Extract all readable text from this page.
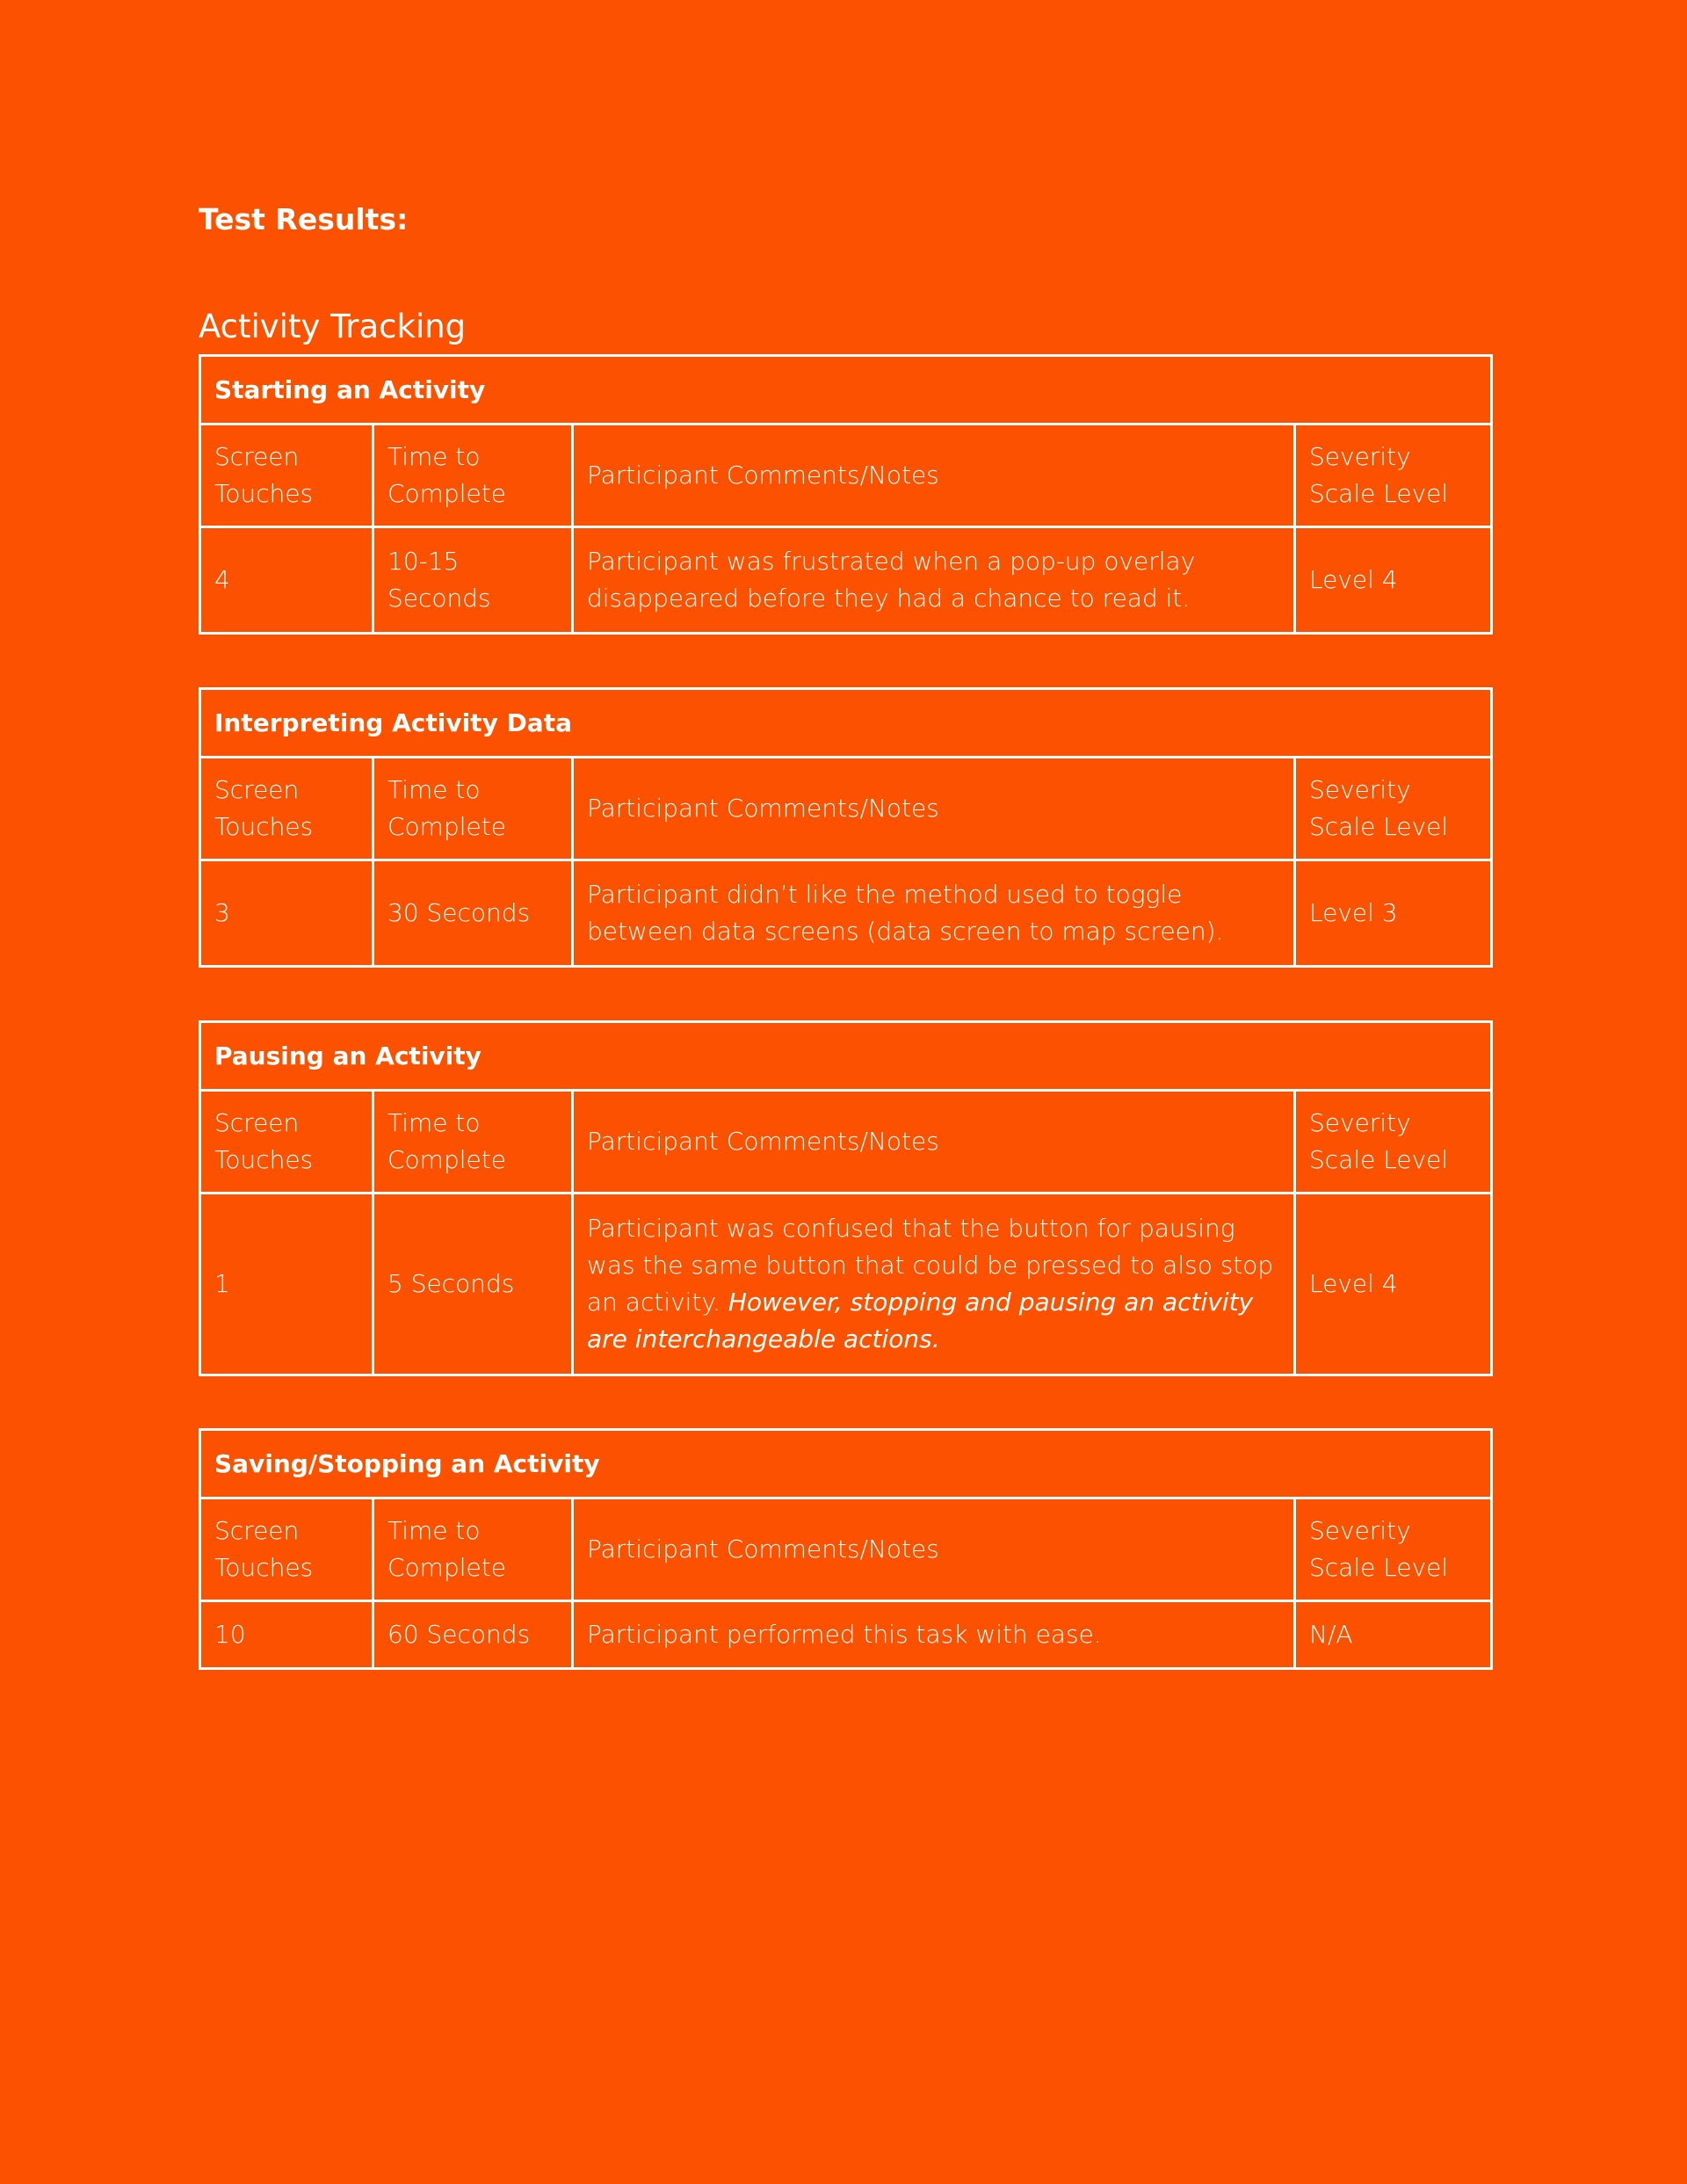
Test Results:
Activity Tracking
Starting an Activity			
Screen Touches	Time to Complete	Participant Comments/Notes	Severity Scale Level
4	10-15 Seconds	Participant was frustrated when a pop-up overlay disappeared before they had a chance to read it.	Level 4
Interpreting Activity Data			
Screen Touches	Time to Complete	Participant Comments/Notes	Severity Scale Level
3	30 Seconds	Participant didn’t like the method used to toggle between data screens (data screen to map screen).	Level 3
Pausing an Activity			
Screen Touches	Time to Complete	Participant Comments/Notes	Severity Scale Level
1	5 Seconds	Participant was confused that the button for pausing was the same button that could be pressed to also stop an activity. However, stopping and pausing an activity are interchangeable actions.	Level 4
Saving/Stopping an Activity			
Screen Touches	Time to Complete	Participant Comments/Notes	Severity Scale Level
10	60 Seconds	Participant performed this task with ease.	N/A
